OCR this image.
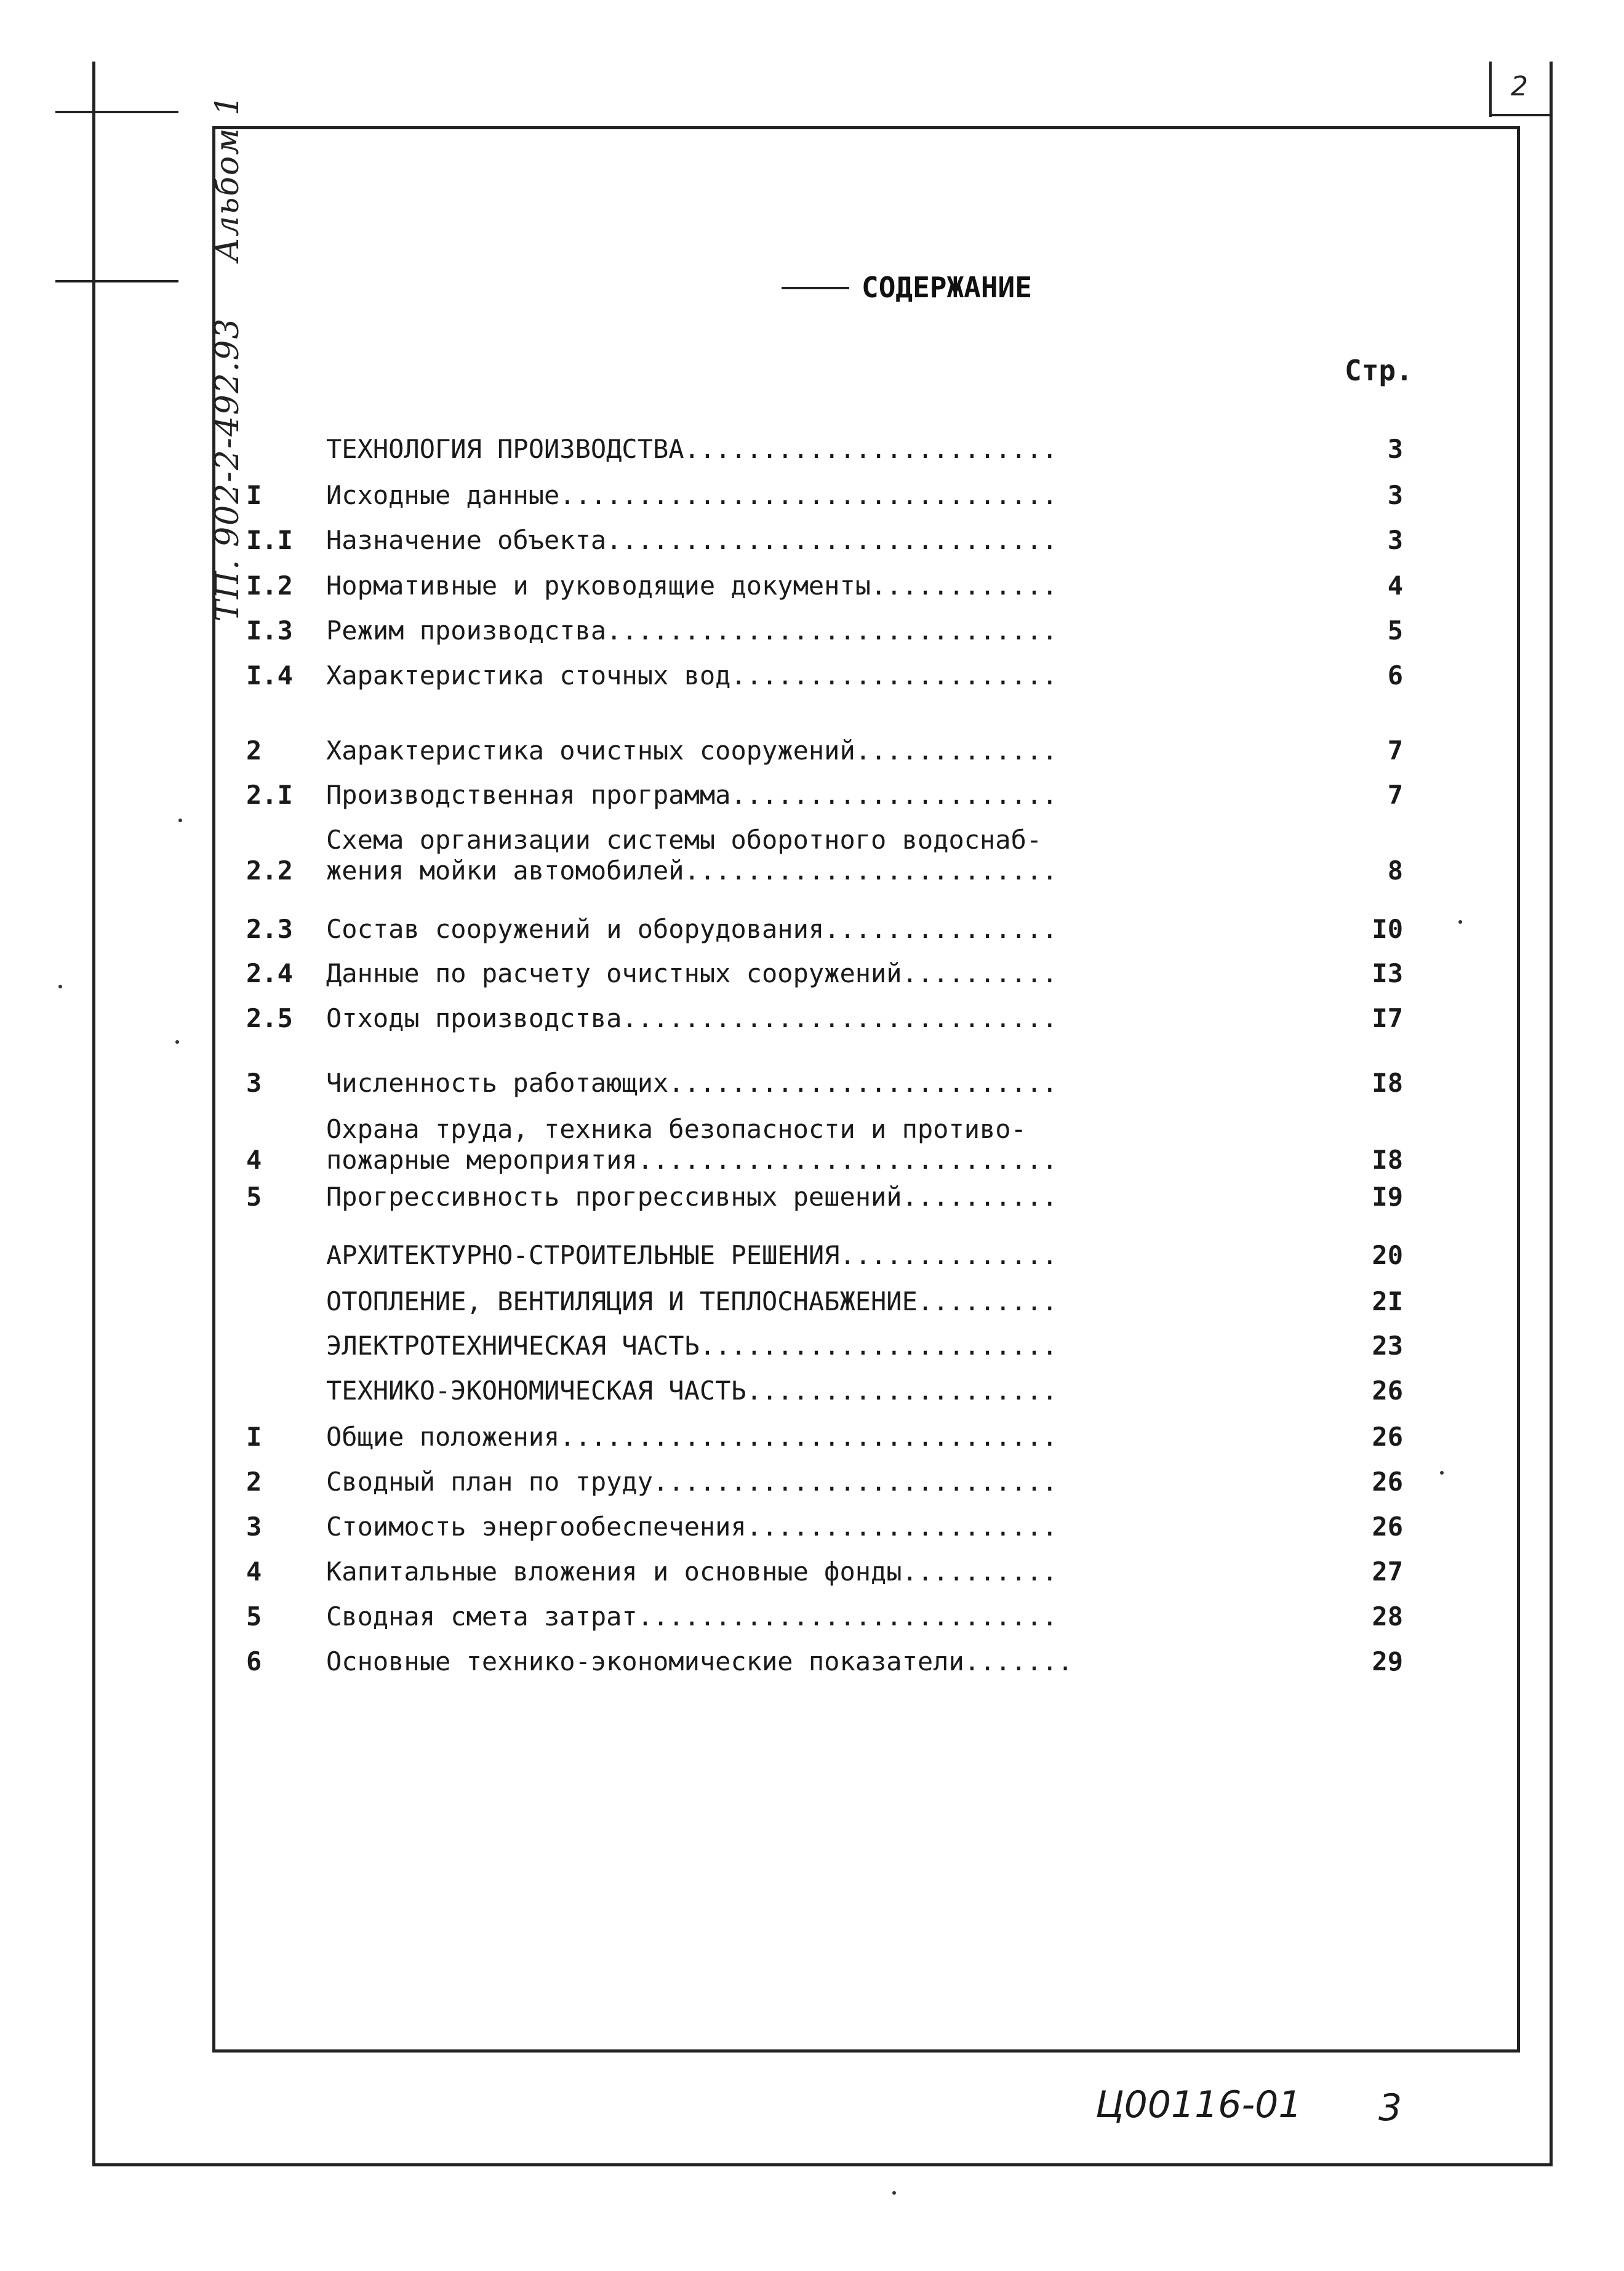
2
ТП. 902-2-492.93
Альбом 1
СОДЕРЖАНИЕ
Стр.
ТЕХНОЛОГИЯ ПРОИЗВОДСТВА........................	3
I	Исходные данные................................	3
I.I	Назначение объекта.............................	3
I.2	Нормативные и руководящие документы............	4
I.3	Режим производства.............................	5
I.4	Характеристика сточных вод.....................	6
2	Характеристика очистных сооружений.............	7
2.I	Производственная программа.....................	7
2.2
Схема организации системы оборотного водоснаб-
жения мойки автомобилей........................	8
2.3	Состав сооружений и оборудования...............	I0
2.4	Данные по расчету очистных сооружений..........	I3
2.5	Отходы производства............................	I7
3	Численность работающих.........................	I8
4
Охрана труда, техника безопасности и противо-
пожарные мероприятия...........................	I8
5	Прогрессивность прогрессивных решений..........	I9
АРХИТЕКТУРНО-СТРОИТЕЛЬНЫЕ РЕШЕНИЯ..............	20
ОТОПЛЕНИЕ, ВЕНТИЛЯЦИЯ И ТЕПЛОСНАБЖЕНИЕ.........	2I
ЭЛЕКТРОТЕХНИЧЕСКАЯ ЧАСТЬ.......................	23
ТЕХНИКО-ЭКОНОМИЧЕСКАЯ ЧАСТЬ....................	26
I	Общие положения................................	26
2	Сводный план по труду..........................	26
3	Стоимость энергообеспечения....................	26
4	Капитальные вложения и основные фонды..........	27
5	Сводная смета затрат...........................	28
6	Основные технико-экономические показатели.......	29
Ц00116-01 3
